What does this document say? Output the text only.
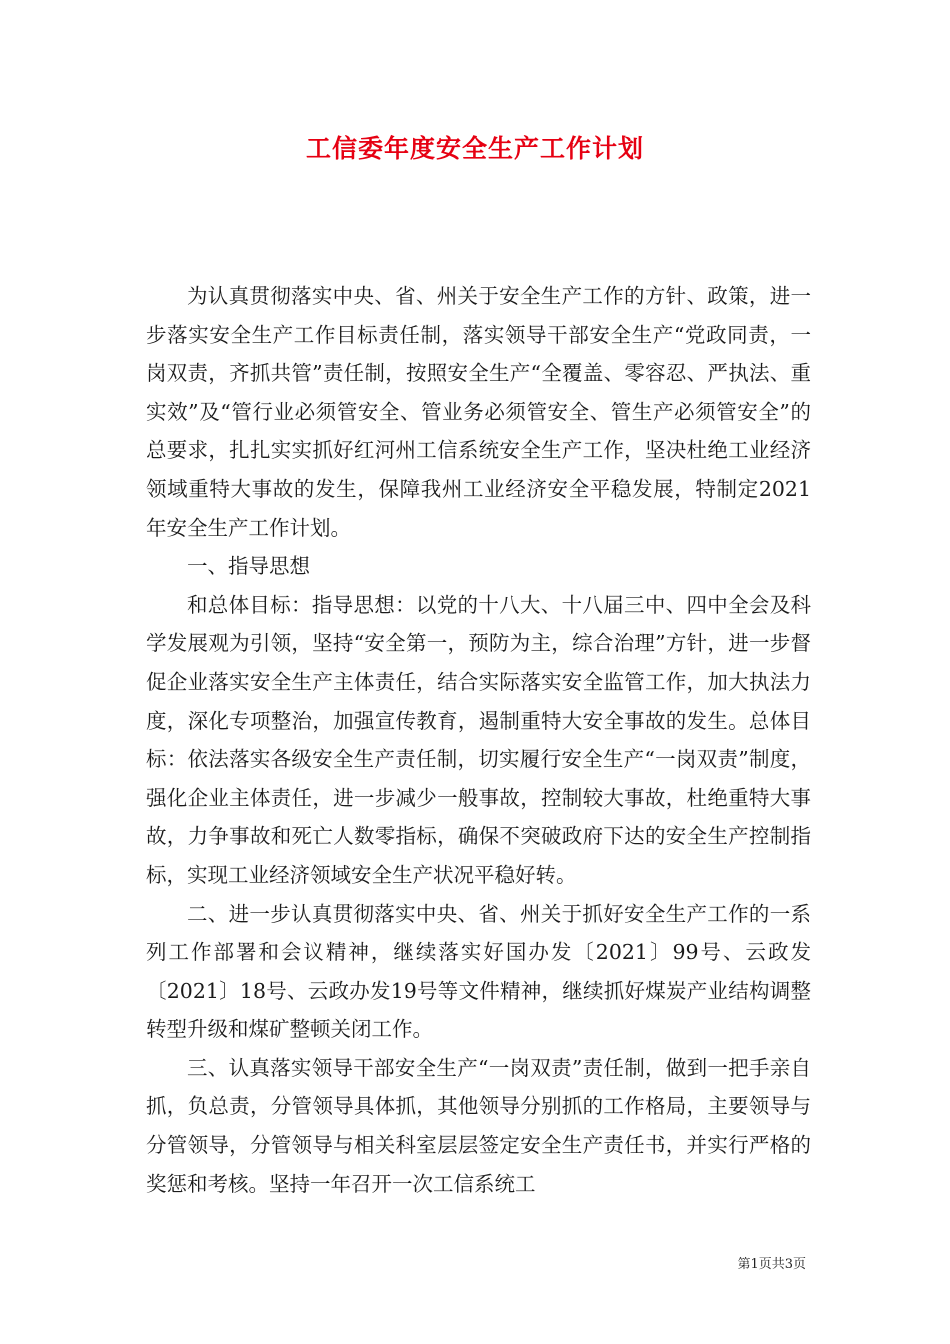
工信委年度安全生产工作计划

为认真贯彻落实中央、省、州关于安全生产工作的方针、政策，进一步落实安全生产工作目标责任制，落实领导干部安全生产“党政同责，一岗双责，齐抓共管”责任制，按照安全生产“全覆盖、零容忍、严执法、重实效”及“管行业必须管安全、管业务必须管安全、管生产必须管安全”的总要求，扎扎实实抓好红河州工信系统安全生产工作，坚决杜绝工业经济领域重特大事故的发生，保障我州工业经济安全平稳发展，特制定2021年安全生产工作计划。

一、指导思想

和总体目标：指导思想：以党的十八大、十八届三中、四中全会及科学发展观为引领，坚持“安全第一，预防为主，综合治理”方针，进一步督促企业落实安全生产主体责任，结合实际落实安全监管工作，加大执法力度，深化专项整治，加强宣传教育，遏制重特大安全事故的发生。总体目标：依法落实各级安全生产责任制，切实履行安全生产“一岗双责”制度，强化企业主体责任，进一步减少一般事故，控制较大事故，杜绝重特大事故，力争事故和死亡人数零指标，确保不突破政府下达的安全生产控制指标，实现工业经济领域安全生产状况平稳好转。

二、进一步认真贯彻落实中央、省、州关于抓好安全生产工作的一系列工作部署和会议精神，继续落实好国办发〔2021〕99号、云政发〔2021〕18号、云政办发19号等文件精神，继续抓好煤炭产业结构调整转型升级和煤矿整顿关闭工作。

三、认真落实领导干部安全生产“一岗双责”责任制，做到一把手亲自抓，负总责，分管领导具体抓，其他领导分别抓的工作格局，主要领导与分管领导，分管领导与相关科室层层签定安全生产责任书，并实行严格的奖惩和考核。坚持一年召开一次工信系统工

第1页共3页
